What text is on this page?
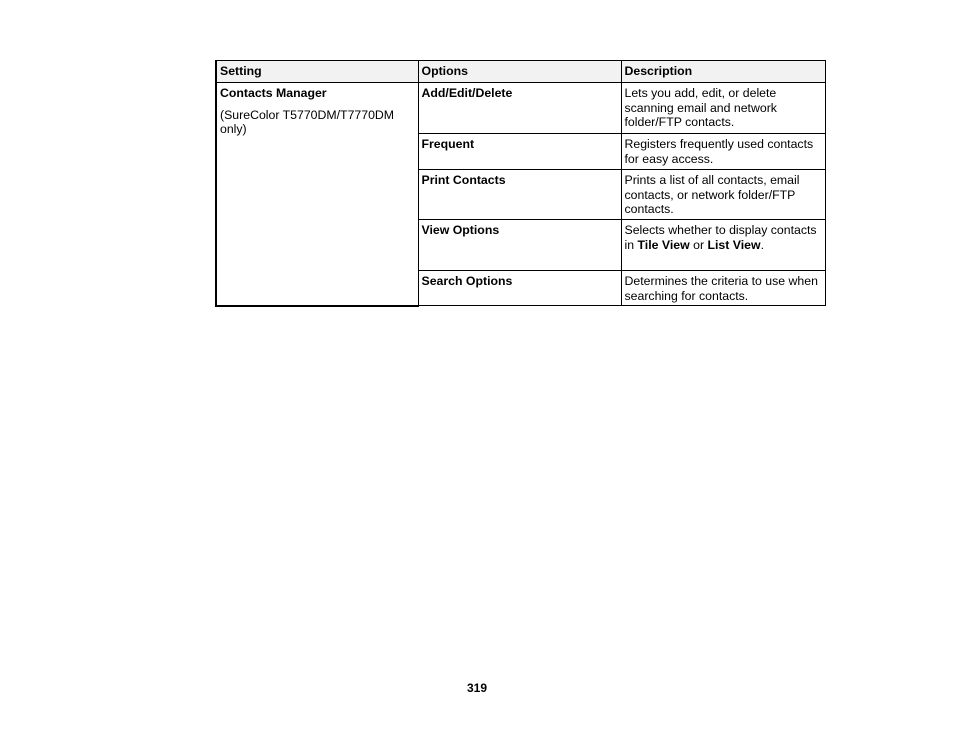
Setting	Options	Description

Contacts Manager
(SureColor T5770DM/T7770DM only)	Add/Edit/Delete	Lets you add, edit, or delete scanning email and network folder/FTP contacts.
	Frequent	Registers frequently used contacts for easy access.
	Print Contacts	Prints a list of all contacts, email contacts, or network folder/FTP contacts.
	View Options	Selects whether to display contacts in Tile View or List View.
	Search Options	Determines the criteria to use when searching for contacts.
319
